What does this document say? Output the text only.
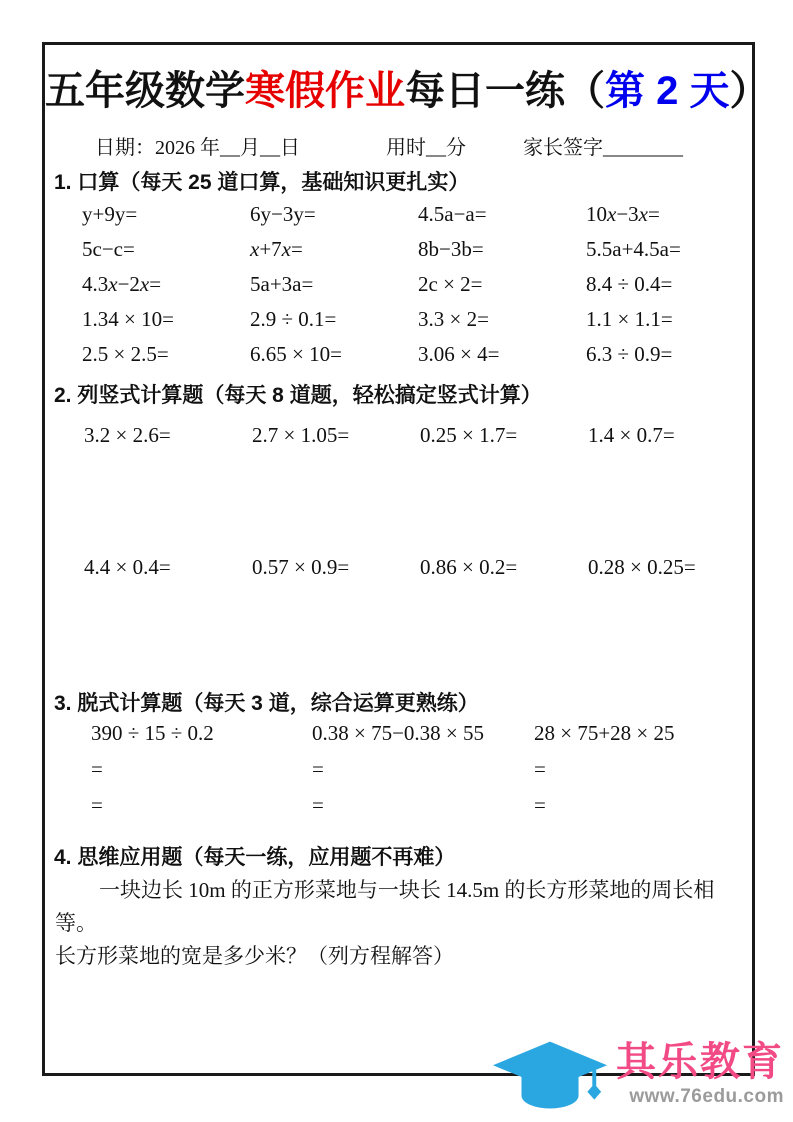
五年级数学寒假作业每日一练（第 2 天）
日期：2026 年__月__日	用时__分	家长签字________
1. 口算（每天 25 道口算，基础知识更扎实）
y+9y=	6y−3y=	4.5a−a=	10x−3x=
5c−c=	x+7x=	8b−3b=	5.5a+4.5a=
4.3x−2x=	5a+3a=	2c × 2=	8.4 ÷ 0.4=
1.34 × 10=	2.9 ÷ 0.1=	3.3 × 2=	1.1 × 1.1=
2.5 × 2.5=	6.65 × 10=	3.06 × 4=	6.3 ÷ 0.9=
2. 列竖式计算题（每天 8 道题，轻松搞定竖式计算）
3.2 × 2.6=	2.7 × 1.05=	0.25 × 1.7=	1.4 × 0.7=
4.4 × 0.4=	0.57 × 0.9=	0.86 × 0.2=	0.28 × 0.25=
3. 脱式计算题（每天 3 道，综合运算更熟练）
390 ÷ 15 ÷ 0.2	0.38 × 75−0.38 × 55	28 × 75+28 × 25
=	=	=
=	=	=
4. 思维应用题（每天一练，应用题不再难）
一块边长 10m 的正方形菜地与一块长 14.5m 的长方形菜地的周长相等。
长方形菜地的宽是多少米？（列方程解答）
其乐教育
www.76edu.com
